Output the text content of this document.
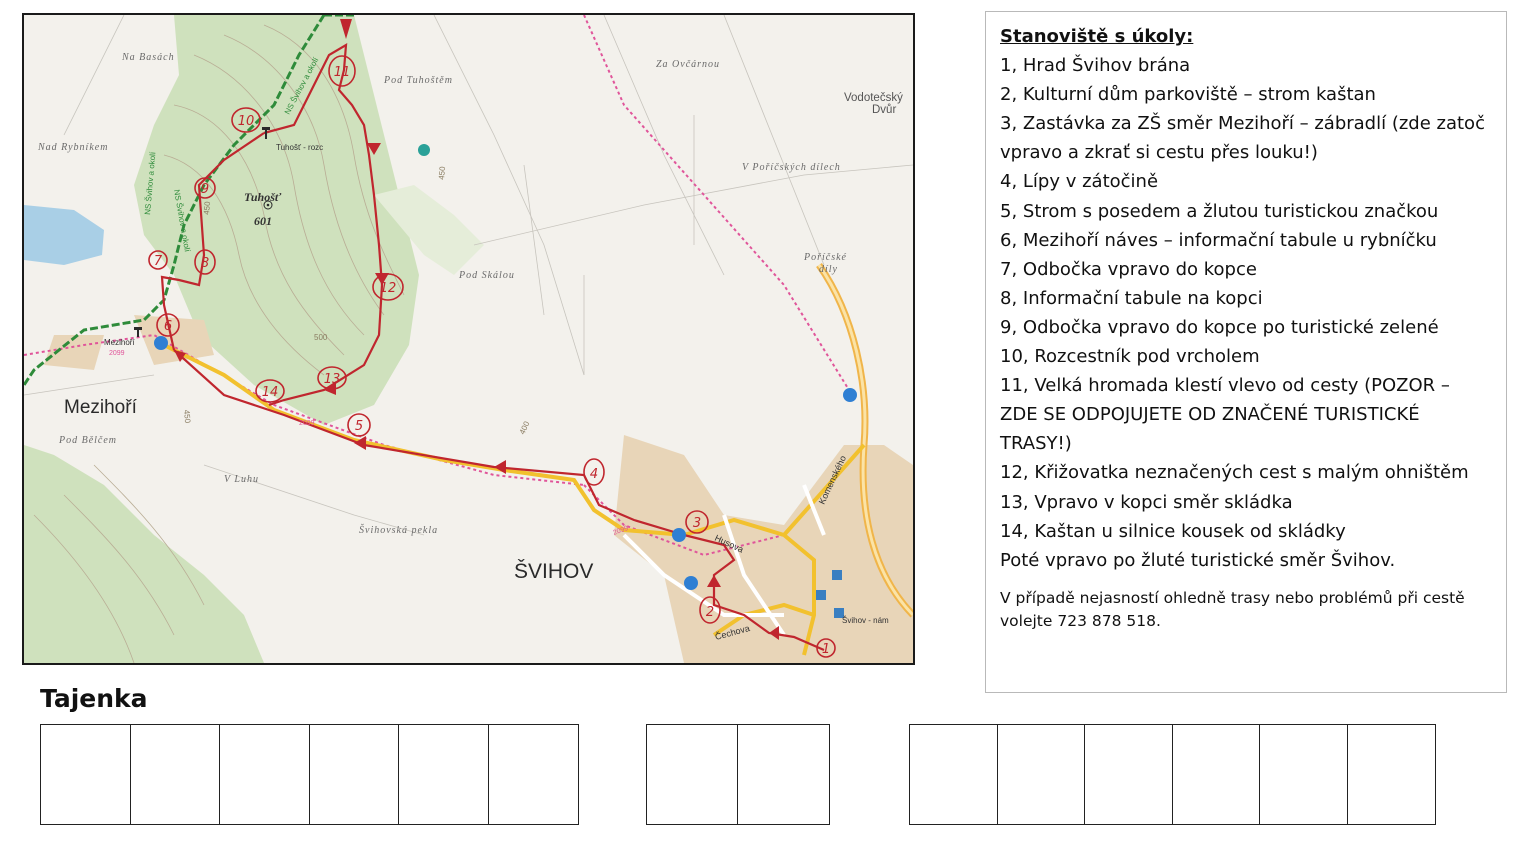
Na Basách
Pod Tuhoštěm
Za Ovčárnou
Vodotečský
Dvůr
Nad Rybníkem
V Poříčských dílech
Tuhošť - rozc
Tuhošť
601
Pod Skálou
Poříčské
díly
Mezihoří
Mezihoří
Pod Bělčem
V Luhu
Švihovská pekla
ŠVIHOV
Husova
Komenského
Čechova
Švihov - nám
NS Švihov a okolí
NS Švihov a okolí
NS Švihov a okolí
500
450
450
400
450
2099
2099
2099
1
2
3
4
5
6
7	8
9
10
11
12
13
14
Stanoviště s úkoly:
1, Hrad Švihov brána
2, Kulturní dům parkoviště – strom kaštan
3, Zastávka za ZŠ směr Mezihoří – zábradlí (zde zatoč vpravo a zkrať si cestu přes louku!)
4, Lípy v zátočině
5, Strom s posedem a žlutou turistickou značkou
6, Mezihoří náves – informační tabule u rybníčku
7, Odbočka vpravo do kopce
8, Informační tabule na kopci
9, Odbočka vpravo do kopce po turistické zelené
10, Rozcestník pod vrcholem
11, Velká hromada klestí vlevo od cesty (POZOR – ZDE SE ODPOJUJETE OD ZNAČENÉ TURISTICKÉ TRASY!)
12, Křižovatka neznačených cest s malým ohništěm
13, Vpravo v kopci směr skládka
14, Kaštan u silnice kousek od skládky
Poté vpravo po žluté turistické směr Švihov.
V případě nejasností ohledně trasy nebo problémů při cestě volejte 723 878 518.
Tajenka
